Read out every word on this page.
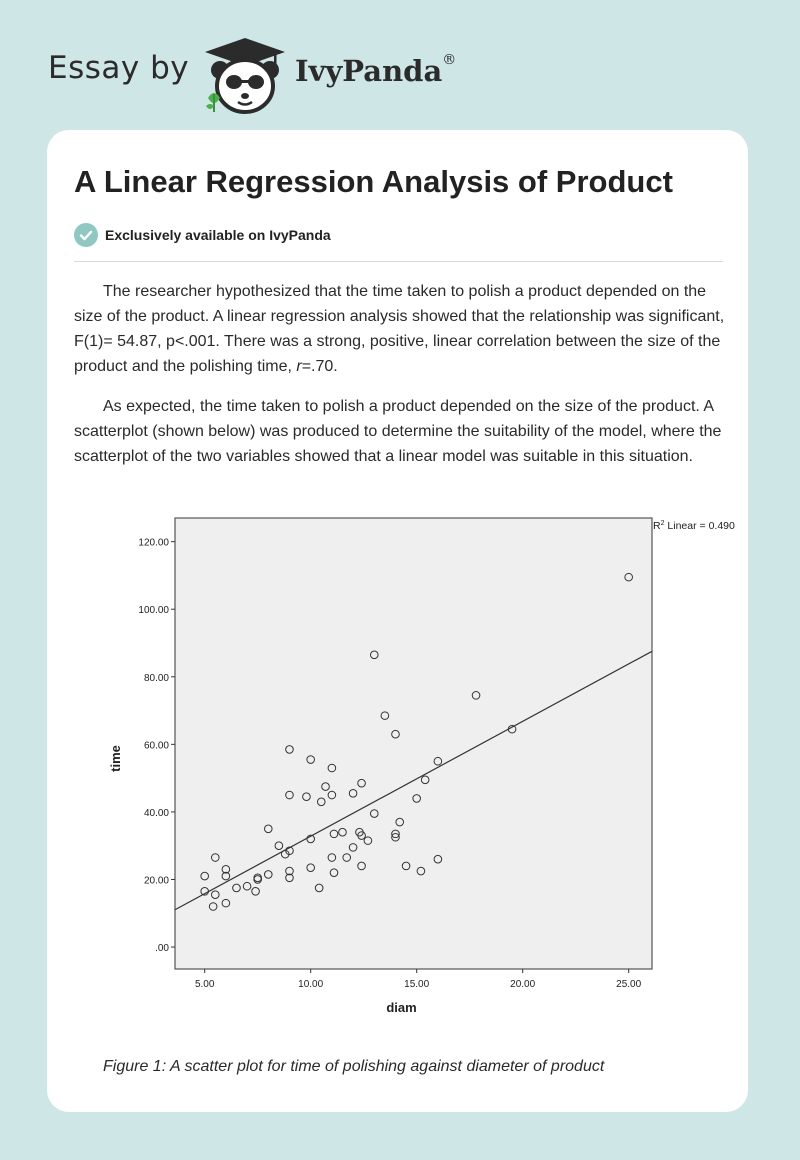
Essay by	IvyPanda®
A Linear Regression Analysis of Product
Exclusively available on IvyPanda

The researcher hypothesized that the time taken to polish a product depended on the size of the product. A linear regression analysis showed that the relationship was significant, F(1)= 54.87, p<.001. There was a strong, positive, linear correlation between the size of the product and the polishing time, r=.70.

As expected, the time taken to polish a product depended on the size of the product. A scatterplot (shown below) was produced to determine the suitability of the model, where the scatterplot of the two variables showed that a linear model was suitable in this situation.

.00
20.00
40.00
60.00
80.00
100.00
120.00
5.00	10.00	15.00	20.00	25.00
diam
time
$R^2$ Linear = 0.490
Figure 1: A scatter plot for time of polishing against diameter of product
